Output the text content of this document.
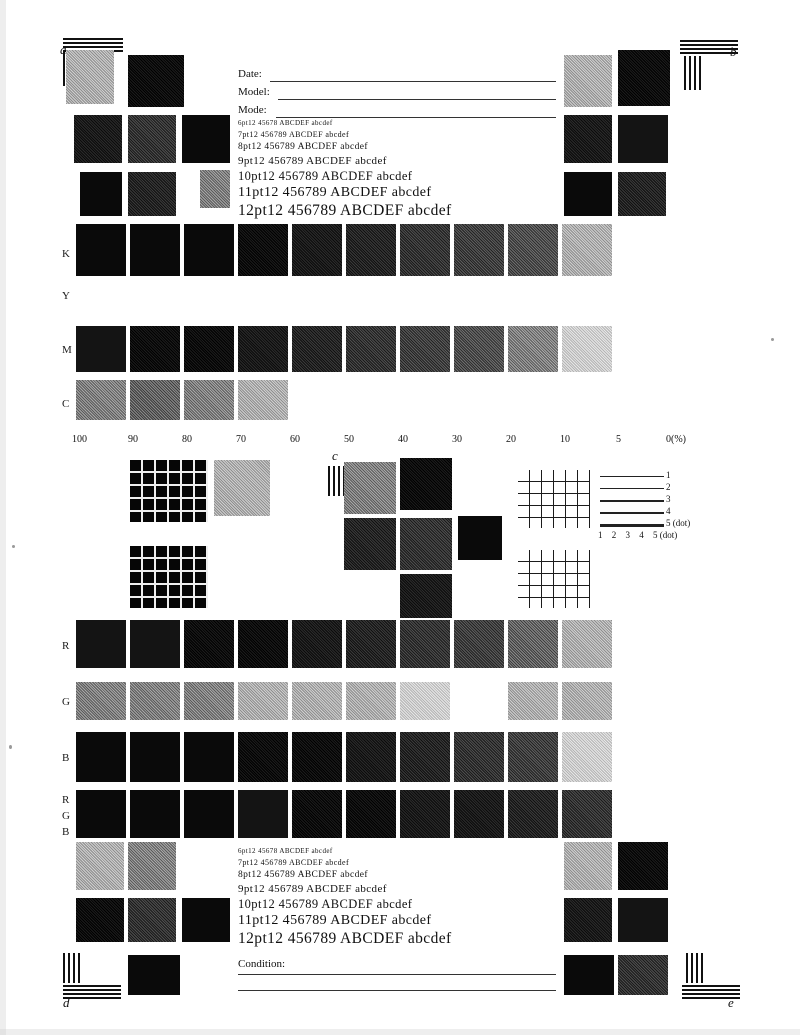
a	b
c
d	e
Date:
Model:
Mode:
6pt12 45678 ABCDEF abcdef
7pt12 456789 ABCDEF abcdef
8pt12 456789 ABCDEF abcdef
9pt12 456789 ABCDEF abcdef
10pt12 456789 ABCDEF abcdef
11pt12 456789 ABCDEF abcdef
12pt12 456789 ABCDEF abcdef
K
Y
M
C
100	90	80	70	60	50	40	30	20	10	5	0(%)
1
2
3
4
5 (dot)
1 2 3 4 5 (dot)
R
G
B
R
G
B
6pt12 45678 ABCDEF abcdef
7pt12 456789 ABCDEF abcdef
8pt12 456789 ABCDEF abcdef
9pt12 456789 ABCDEF abcdef
10pt12 456789 ABCDEF abcdef
11pt12 456789 ABCDEF abcdef
12pt12 456789 ABCDEF abcdef
Condition:
